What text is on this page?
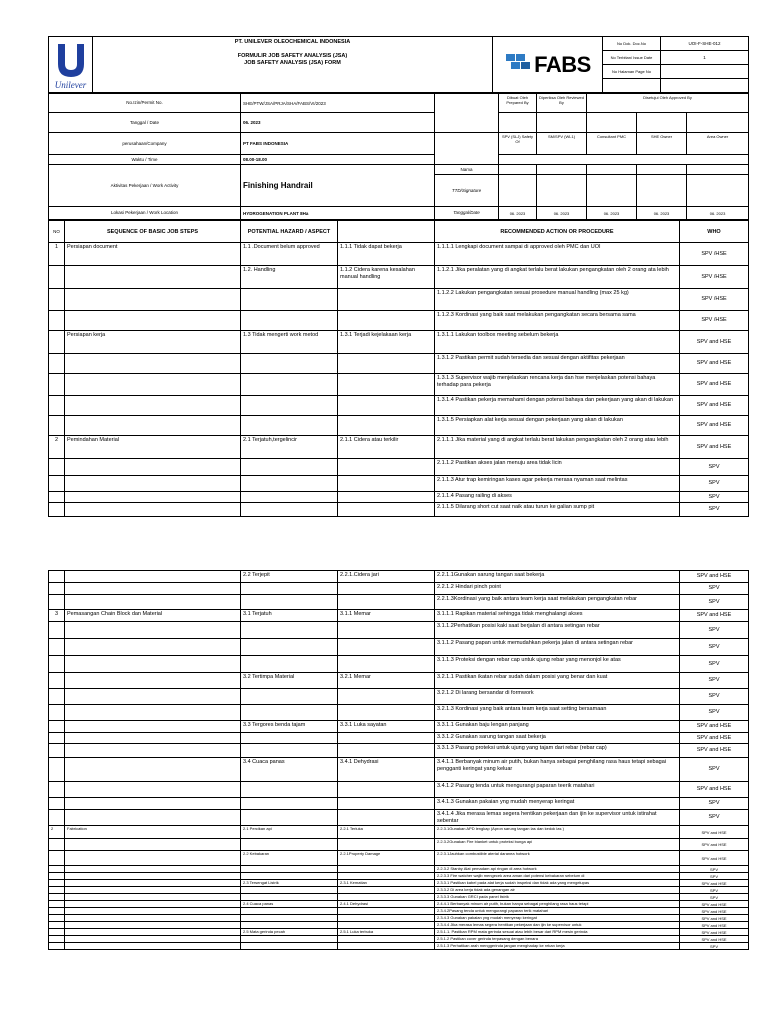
Unilever	PT. UNILEVER OLEOCHEMICAL INDONESIA
FORMULIR JOB SAFETY ANALYSIS (JSA)
JOB SAFETY ANALYSIS (JSA) FORM	FABS	No Dok. Doc.No	UOI-F-SHE-012
			No Terbitan/ Issue Date	1
			No Halaman Page No	

No.Izin/Permit No.	SHE/PTW/JSA/PRJA/SHA/FABS/VI/2023		Dibuat Oleh Prepared By	Diperiksa Oleh Reviewed By	Disetujui Oleh Approved By		
Tanggal / Date	06. 2023						
perusahaan/Company	PT FABS INDONESIA		SPV (SLJ) Safety Of	SM/SPV (WL1)	Consultant PMC	SHE Owner	Area Owner
Waktu / Time	08.00-18.00						
Aktivitas Pekerjaan / Work Activity	Finishing Handrail	Nama					
		TTD/Signature					
Lokasi Pekerjaan / Work Location	HYDROGENATION PLANT 8Ha	Tanggal/Date	06. 2023	06. 2023	06. 2023	06. 2023	06. 2023
NO	SEQUENCE OF BASIC JOB STEPS	POTENTIAL HAZARD / ASPECT		RECOMMENDED ACTION OR PROCEDURE	WHO
1	Persiapan document	1.1 .Document belum approved	1.1.1 Tidak dapat bekerja	1.1.1.1 Lengkapi document sampai di approved oleh PMC dan UOI	SPV /HSE
		1.2. Handling	1.1.2 Cidera karena kesalahan manual handling	1.1.2.1 Jika peralatan yang di angkat terlalu berat lakukan pengangkatan oleh 2 orang ata lebih	SPV /HSE
				1.1.2.2 Lakukan pengangkatan sesuai prosedure manual handling (max 25 kg)	SPV /HSE
				1.1.2.3 Kordinasi yang baik saat melakukan pengangkatan secara bersama sama	SPV /HSE
	Persiapan kerja	1.3 Tidak mengerti work metod	1.3.1 Terjadi kejelakaan kerja	1.3.1.1 Lakukan toolbox meeting sebelum bekerja	SPV and HSE
				1.3.1.2 Pastikan permit sudah tersedia dan sesuai dengan aktifitas pekerjaan	SPV and HSE
				1.3.1.3 Supervisor wajib menjelaskan rencana kerja dan hse menjelaskan potensi bahaya terhadap para pekerja	SPV and HSE
				1.3.1.4 Pastikan pekerja memahami dengan potensi bahaya dan pekerjaan yang akan di lakukan	SPV and HSE
				1.3.1.5 Persiapkan alat kerja sesuai dengan pekerjaan yang akan di lakukan	SPV and HSE
2	Pemindahan Material	2.1 Terjatuh,tergelincir	2.1.1 Cidera atau terkilir	2.1.1.1 Jika material yang di angkat terlalu berat lakukan pengangkatan oleh 2 orang atau lebih	SPV and HSE
				2.1.1.2 Pastikan akses jalan menuju area tidak licin	SPV
				2.1.1.3 Atur trap kemiringan kases agar pekerja merasa nyaman saat melintas	SPV
				2.1.1.4 Pasang railing di akses	SPV
				2.1.1.5 Dilarang short cut saat naik atau turun ke galian sump pit	SPV
		2.2 Terjepit	2.2.1.Cidera jari	2.2.1.1Gunakan sarung tangan saat bekerja	SPV and HSE
				2.2.1.2 Hindari pinch point	SPV
				2.2.1.3Kordinasi yang baik antara team kerja saat melakukan pengangkatan rebar	SPV
3	Pemasangan Chain Block dan Material	3.1 Terjatuh	3.1.1 Memar	3.1.1.1 Rapikan material sehingga tidak menghalangi akses	SPV and HSE
				3.1.1.2Perhatikan posisi kaki saat berjalan di antara setingan rebar	SPV
				3.1.1.2 Pasang papan untuk memudahkan pekerja jalan di antara setingan rebar	SPV
				3.1.1.3 Proteksi dengan rebar cap untuk ujung rebar yang menonjol ke atas	SPV
		3.2 Tertimpa Material	3.2.1 Memar	3.2.1.1 Pastikan ikatan rebar sudah dalam posisi yang benar dan kuat	SPV
				3.2.1.2 Di larang bersandar di formwork	SPV
				3.2.1.3 Kordinasi yang baik antara team kerja saat setting bersamaan	SPV
		3.3 Tergores benda tajam	3.3.1 Luka sayatan	3.3.1.1 Gunakan baju lengan panjang	SPV and HSE
				3.3.1.2 Gunakan sarung tangan saat bekerja	SPV and HSE
				3.3.1.3 Pasang proteksi untuk ujung yang tajam dari rebar (rebar cap)	SPV and HSE
		3.4 Cuaca panas	3.4.1 Dehydrasi	3.4.1.1 Berbanyak minum air putih, bukan hanya sebagai penghilang rasa haus tetapi sebagai pengganti keringat yang keluar	SPV
				3.4.1.2 Pasang tenda untuk mengurangi paparan teerik matahari	SPV and HSE
				3.4.1.3 Gunakan pakaian yng mudah menyerap keringat	SPV
				3.4.1.4 Jika merasa lemas segera hentikan pekerjaan dan ijin ke supervisor untuk istirahat sebentar	SPV
2	Fabrication	2.1 Percikan api	2.2.1 Terluka	2.2.3.1Gunakan APD lengkap (Apron sarung tangan las dan kedok las )	SPV and HSE
				2.2.3.2Gunakan Fire blanket untuk proteksi bunga api	SPV and HSE
		2.2 Kebakaran	2.2.1Property Damage	2.2.3.1Jauhkan combustible aterial daranea hotwork	SPV and HSE
				2.2.3.2 Stanby Alat pemadam api ringan di area hotwork	SPV
				2.2.3.3 Fire watcher wajib mengecek area aman dari potensi kebakaran sebelum di	SPV
		2.3 Tersengat Listrik	2.3.1 Kematian	2.3.3.1 Pastikan kabel pada alat kerja sudah inspeksi dan tidak ada yang mengelupas	SPV and HSE
				2.3.3.2 Di area kerja tidak ada genangan air	SPV
				2.3.3.3 Gunakan GRCI pada panel listrik	SPV
		2.4 Cuaca panas	2.4.1 Dehydrasi	2.4.4.1 Berbanyak minum air putih, bukan hanya sebagai penghilang rasa haus tetapi	SPV and HSE
				2.3.4.2Pasang tenda untuk mengurangi paparan terik matahari	SPV and HSE
				2.3.4.3 Gunakan pakaian yng mudah menyerap keringat	SPV and HSE
				2.3.4.4 Jika merasa lemas segera hentikan pekerjaan dan ijin ke supervisor untuk	SPV and HSE
		2.5 Mata gerinda pecah	2.5.1 Luka terbuka	2.5.1.1. Pastikan RPM mata gerinda sesuai atau lebih besar dari RPM mesin gerinda	SPV and HSE
				2.5.1.2 Pastikan cover gerinda terpasang dengan benara	SPV and HSE
				2.5.1.3 Perhatikan arah menggerinda jangan menghadap ke rekan kerja	SPV
